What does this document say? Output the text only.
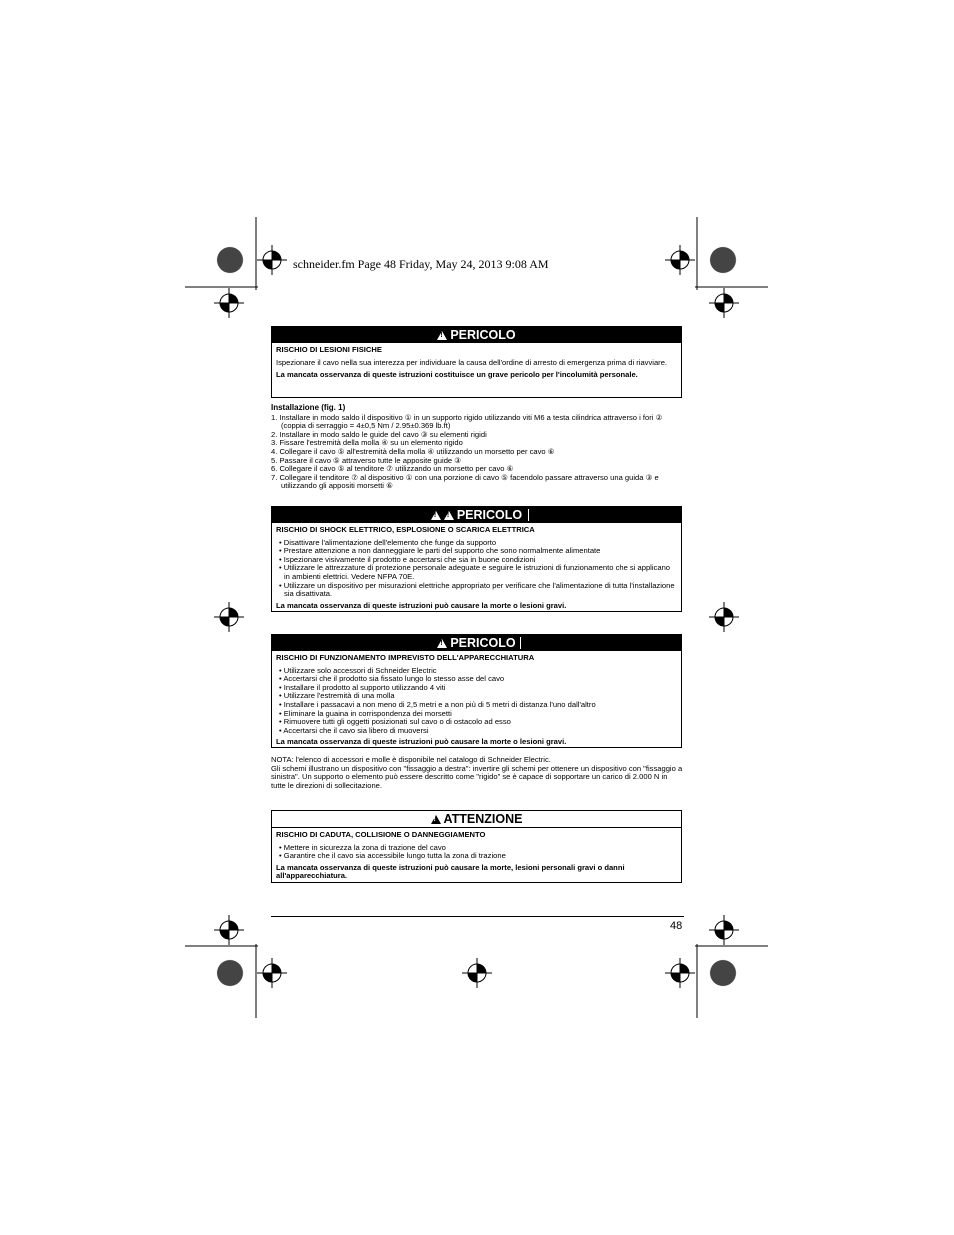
schneider.fm Page 48 Friday, May 24, 2013 9:08 AM
!PERICOLO
RISCHIO DI LESIONI FISICHE
Ispezionare il cavo nella sua interezza per individuare la causa dell'ordine di arresto di emergenza prima di riavviare.
La mancata osservanza di queste istruzioni costituisce un grave pericolo per l'incolumità personale.
Installazione (fig. 1)
1. Installare in modo saldo il dispositivo ① in un supporto rigido utilizzando viti M6 a testa cilindrica attraverso i fori ② (coppia di serraggio = 4±0,5 Nm / 2.95±0.369 lb.ft)
2. Installare in modo saldo le guide del cavo ③ su elementi rigidi
3. Fissare l'estremità della molla ④ su un elemento rigido
4. Collegare il cavo ⑤ all'estremità della molla ④ utilizzando un morsetto per cavo ⑥
5. Passare il cavo ⑤ attraverso tutte le apposite guide ③
6. Collegare il cavo ⑤ al tenditore ⑦ utilizzando un morsetto per cavo ⑥
7. Collegare il tenditore ⑦ al dispositivo ① con una porzione di cavo ⑤ facendolo passare attraverso una guida ③ e utilizzando gli appositi morsetti ⑥
!!PERICOLO
RISCHIO DI SHOCK ELETTRICO, ESPLOSIONE O SCARICA ELETTRICA
• Disattivare l'alimentazione dell'elemento che funge da supporto
• Prestare attenzione a non danneggiare le parti del supporto che sono normalmente alimentate
• Ispezionare visivamente il prodotto e accertarsi che sia in buone condizioni
• Utilizzare le attrezzature di protezione personale adeguate e seguire le istruzioni di funzionamento che si applicano in ambienti elettrici. Vedere NFPA 70E.
• Utilizzare un dispositivo per misurazioni elettriche appropriato per verificare che l'alimentazione di tutta l'installazione sia disattivata.
La mancata osservanza di queste istruzioni può causare la morte o lesioni gravi.
!PERICOLO
RISCHIO DI FUNZIONAMENTO IMPREVISTO DELL'APPARECCHIATURA
• Utilizzare solo accessori di Schneider Electric
• Accertarsi che il prodotto sia fissato lungo lo stesso asse del cavo
• Installare il prodotto al supporto utilizzando 4 viti
• Utilizzare l'estremità di una molla
• Installare i passacavi a non meno di 2,5 metri e a non più di 5 metri di distanza l'uno dall'altro
• Eliminare la guaina in corrispondenza dei morsetti
• Rimuovere tutti gli oggetti posizionati sul cavo o di ostacolo ad esso
• Accertarsi che il cavo sia libero di muoversi
La mancata osservanza di queste istruzioni può causare la morte o lesioni gravi.
NOTA: l'elenco di accessori e molle è disponibile nel catalogo di Schneider Electric.
Gli schemi illustrano un dispositivo con "fissaggio a destra": invertire gli schemi per ottenere un dispositivo con "fissaggio a sinistra". Un supporto o elemento può essere descritto come "rigido" se è capace di sopportare un carico di 2.000 N in tutte le direzioni di sollecitazione.
!ATTENZIONE
RISCHIO DI CADUTA, COLLISIONE O DANNEGGIAMENTO
• Mettere in sicurezza la zona di trazione del cavo
• Garantire che il cavo sia accessibile lungo tutta la zona di trazione
La mancata osservanza di queste istruzioni può causare la morte, lesioni personali gravi o danni all'apparecchiatura.
48
